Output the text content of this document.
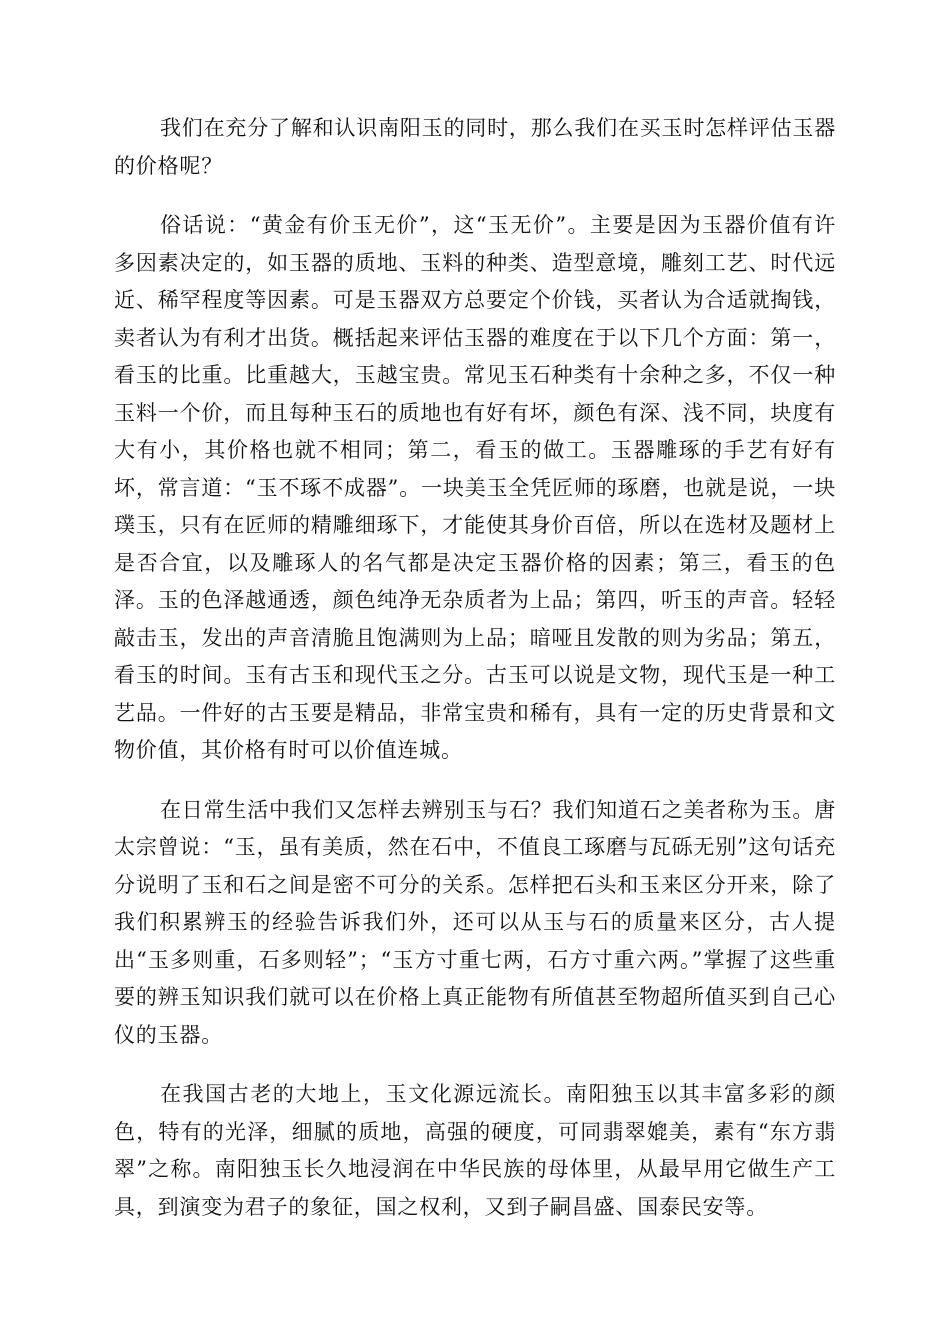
我们在充分了解和认识南阳玉的同时，那么我们在买玉时怎样评估玉器的价格呢？

俗话说：“黄金有价玉无价”，这“玉无价”。主要是因为玉器价值有许多因素决定的，如玉器的质地、玉料的种类、造型意境，雕刻工艺、时代远近、稀罕程度等因素。可是玉器双方总要定个价钱，买者认为合适就掏钱，卖者认为有利才出货。概括起来评估玉器的难度在于以下几个方面：第一，看玉的比重。比重越大，玉越宝贵。常见玉石种类有十余种之多，不仅一种玉料一个价，而且每种玉石的质地也有好有坏，颜色有深、浅不同，块度有大有小，其价格也就不相同；第二，看玉的做工。玉器雕琢的手艺有好有坏，常言道：“玉不琢不成器”。一块美玉全凭匠师的琢磨，也就是说，一块璞玉，只有在匠师的精雕细琢下，才能使其身价百倍，所以在选材及题材上是否合宜，以及雕琢人的名气都是决定玉器价格的因素；第三，看玉的色泽。玉的色泽越通透，颜色纯净无杂质者为上品；第四，听玉的声音。轻轻敲击玉，发出的声音清脆且饱满则为上品；暗哑且发散的则为劣品；第五，看玉的时间。玉有古玉和现代玉之分。古玉可以说是文物，现代玉是一种工艺品。一件好的古玉要是精品，非常宝贵和稀有，具有一定的历史背景和文物价值，其价格有时可以价值连城。

在日常生活中我们又怎样去辨别玉与石？我们知道石之美者称为玉。唐太宗曾说：“玉，虽有美质，然在石中，不值良工琢磨与瓦砾无别”这句话充分说明了玉和石之间是密不可分的关系。怎样把石头和玉来区分开来，除了我们积累辨玉的经验告诉我们外，还可以从玉与石的质量来区分，古人提出“玉多则重，石多则轻”；“玉方寸重七两，石方寸重六两。”掌握了这些重要的辨玉知识我们就可以在价格上真正能物有所值甚至物超所值买到自己心仪的玉器。

在我国古老的大地上，玉文化源远流长。南阳独玉以其丰富多彩的颜色，特有的光泽，细腻的质地，高强的硬度，可同翡翠媲美，素有“东方翡翠”之称。南阳独玉长久地浸润在中华民族的母体里，从最早用它做生产工具，到演变为君子的象征，国之权利，又到子嗣昌盛、国泰民安等。
